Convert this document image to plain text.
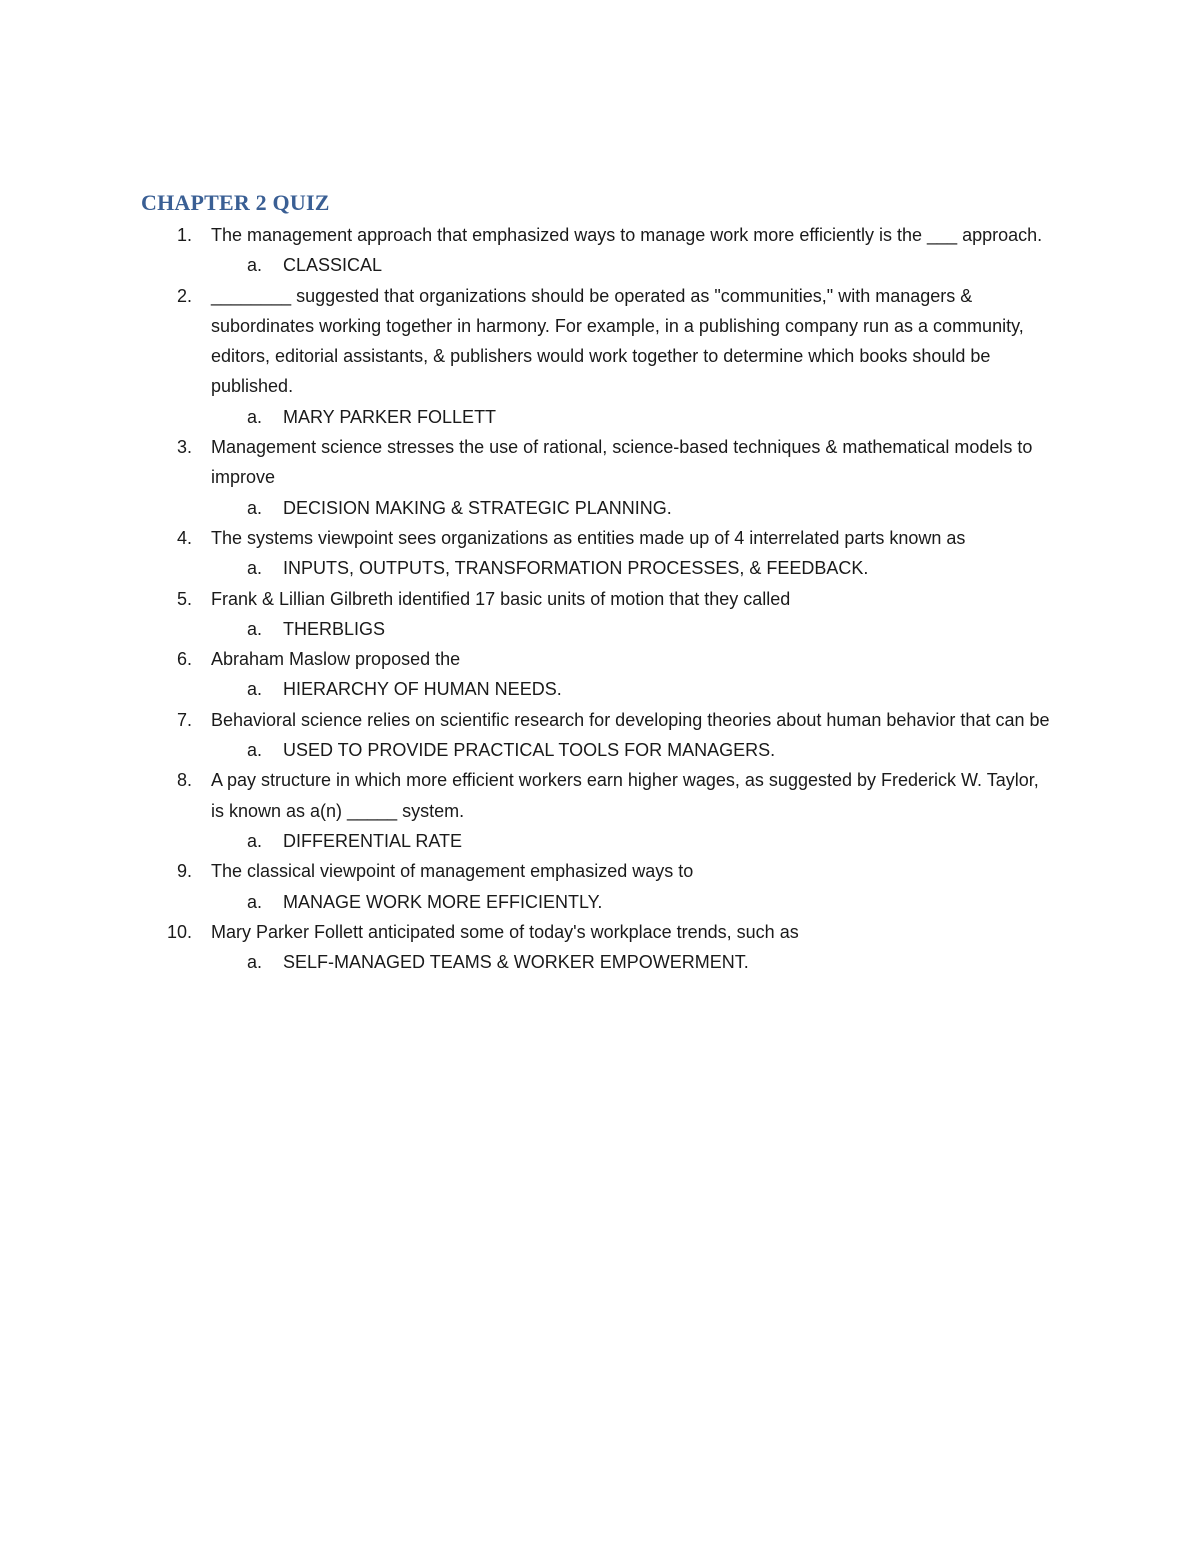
CHAPTER 2 QUIZ
1. The management approach that emphasized ways to manage work more efficiently is the ___ approach.
a. CLASSICAL
2. ________ suggested that organizations should be operated as "communities," with managers & subordinates working together in harmony. For example, in a publishing company run as a community, editors, editorial assistants, & publishers would work together to determine which books should be published.
a. MARY PARKER FOLLETT
3. Management science stresses the use of rational, science-based techniques & mathematical models to improve
a. DECISION MAKING & STRATEGIC PLANNING.
4. The systems viewpoint sees organizations as entities made up of 4 interrelated parts known as
a. INPUTS, OUTPUTS, TRANSFORMATION PROCESSES, & FEEDBACK.
5. Frank & Lillian Gilbreth identified 17 basic units of motion that they called
a. THERBLIGS
6. Abraham Maslow proposed the
a. HIERARCHY OF HUMAN NEEDS.
7. Behavioral science relies on scientific research for developing theories about human behavior that can be
a. USED TO PROVIDE PRACTICAL TOOLS FOR MANAGERS.
8. A pay structure in which more efficient workers earn higher wages, as suggested by Frederick W. Taylor, is known as a(n) _____ system.
a. DIFFERENTIAL RATE
9. The classical viewpoint of management emphasized ways to
a. MANAGE WORK MORE EFFICIENTLY.
10. Mary Parker Follett anticipated some of today's workplace trends, such as
a. SELF-MANAGED TEAMS & WORKER EMPOWERMENT.
